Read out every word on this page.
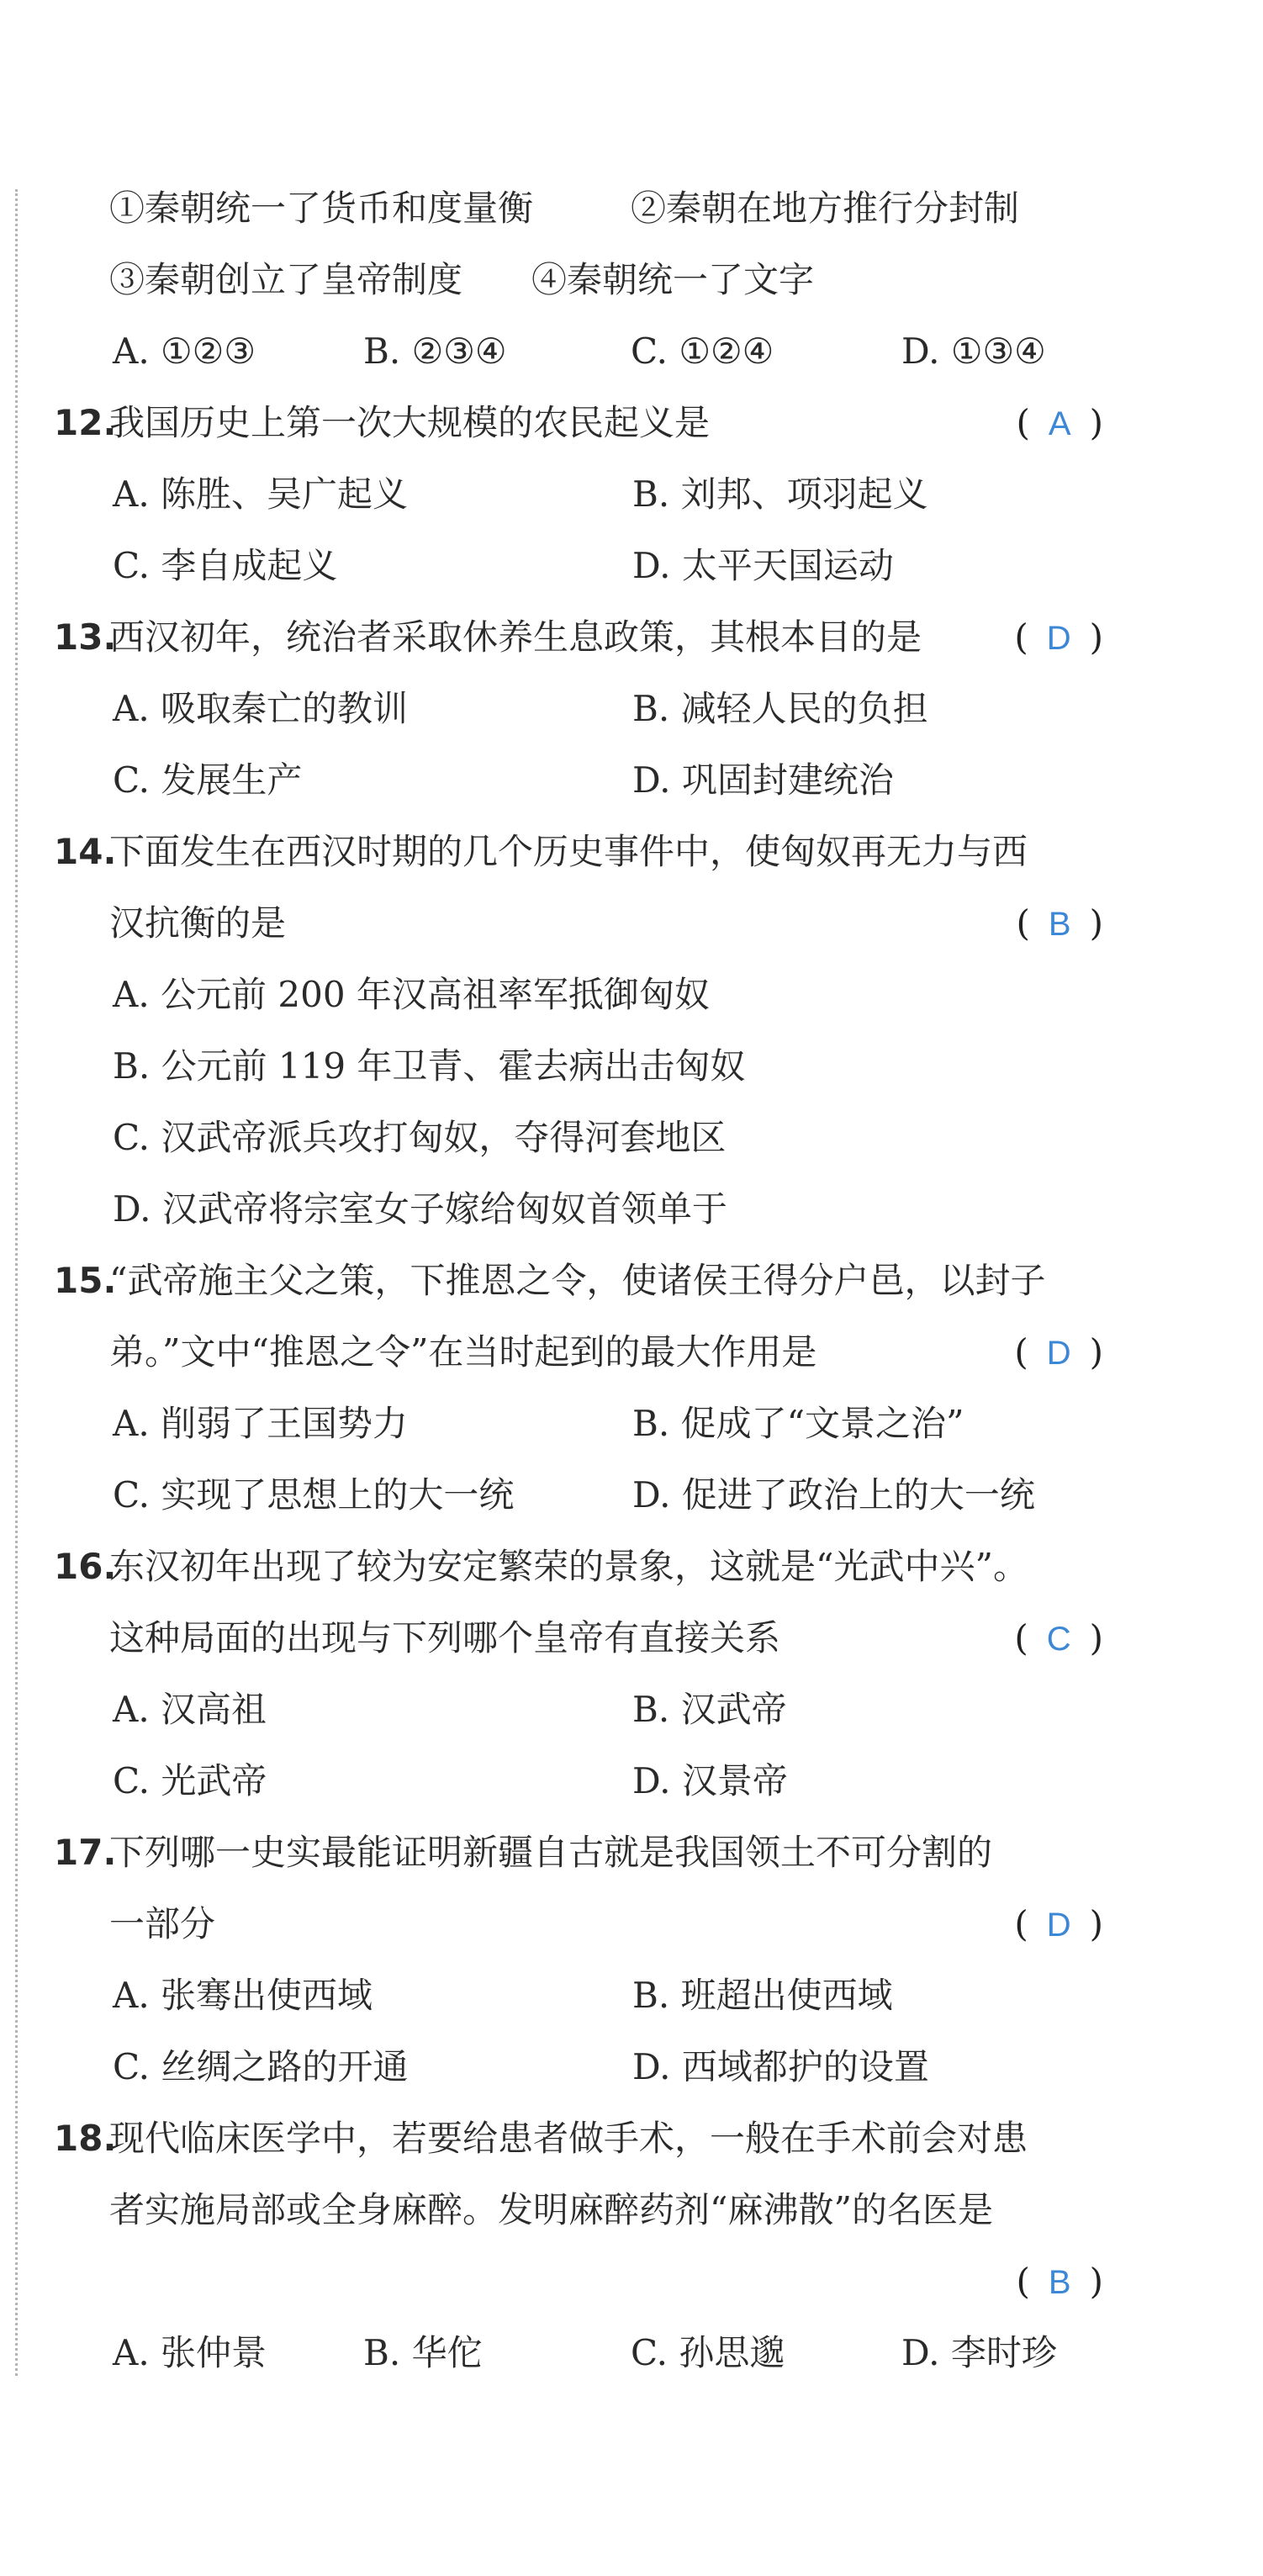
①秦朝统一了货币和度量衡	②秦朝在地方推行分封制
③秦朝创立了皇帝制度 ④秦朝统一了文字
A. ①②③	B. ②③④	C. ①②④	D. ①③④
12.
我国历史上第一次大规模的农民起义是	( A )
A. 陈胜、吴广起义	B. 刘邦、项羽起义
C. 李自成起义	D. 太平天国运动
13.
西汉初年，统治者采取休养生息政策，其根本目的是	( D )
A. 吸取秦亡的教训	B. 减轻人民的负担
C. 发展生产	D. 巩固封建统治
14.
下面发生在西汉时期的几个历史事件中，使匈奴再无力与西
汉抗衡的是	( B )
A. 公元前 200 年汉高祖率军抵御匈奴
B. 公元前 119 年卫青、霍去病出击匈奴
C. 汉武帝派兵攻打匈奴，夺得河套地区
D. 汉武帝将宗室女子嫁给匈奴首领单于
15.
“武帝施主父之策，下推恩之令，使诸侯王得分户邑，以封子
弟。”文中“推恩之令”在当时起到的最大作用是	( D )
A. 削弱了王国势力	B. 促成了“文景之治”
C. 实现了思想上的大一统	D. 促进了政治上的大一统
16.
东汉初年出现了较为安定繁荣的景象，这就是“光武中兴”。
这种局面的出现与下列哪个皇帝有直接关系	( C )
A. 汉高祖	B. 汉武帝
C. 光武帝	D. 汉景帝
17.
下列哪一史实最能证明新疆自古就是我国领土不可分割的
一部分	( D )
A. 张骞出使西域	B. 班超出使西域
C. 丝绸之路的开通	D. 西域都护的设置
18.
现代临床医学中，若要给患者做手术，一般在手术前会对患
者实施局部或全身麻醉。发明麻醉药剂“麻沸散”的名医是
( B )
A. 张仲景	B. 华佗	C. 孙思邈	D. 李时珍
